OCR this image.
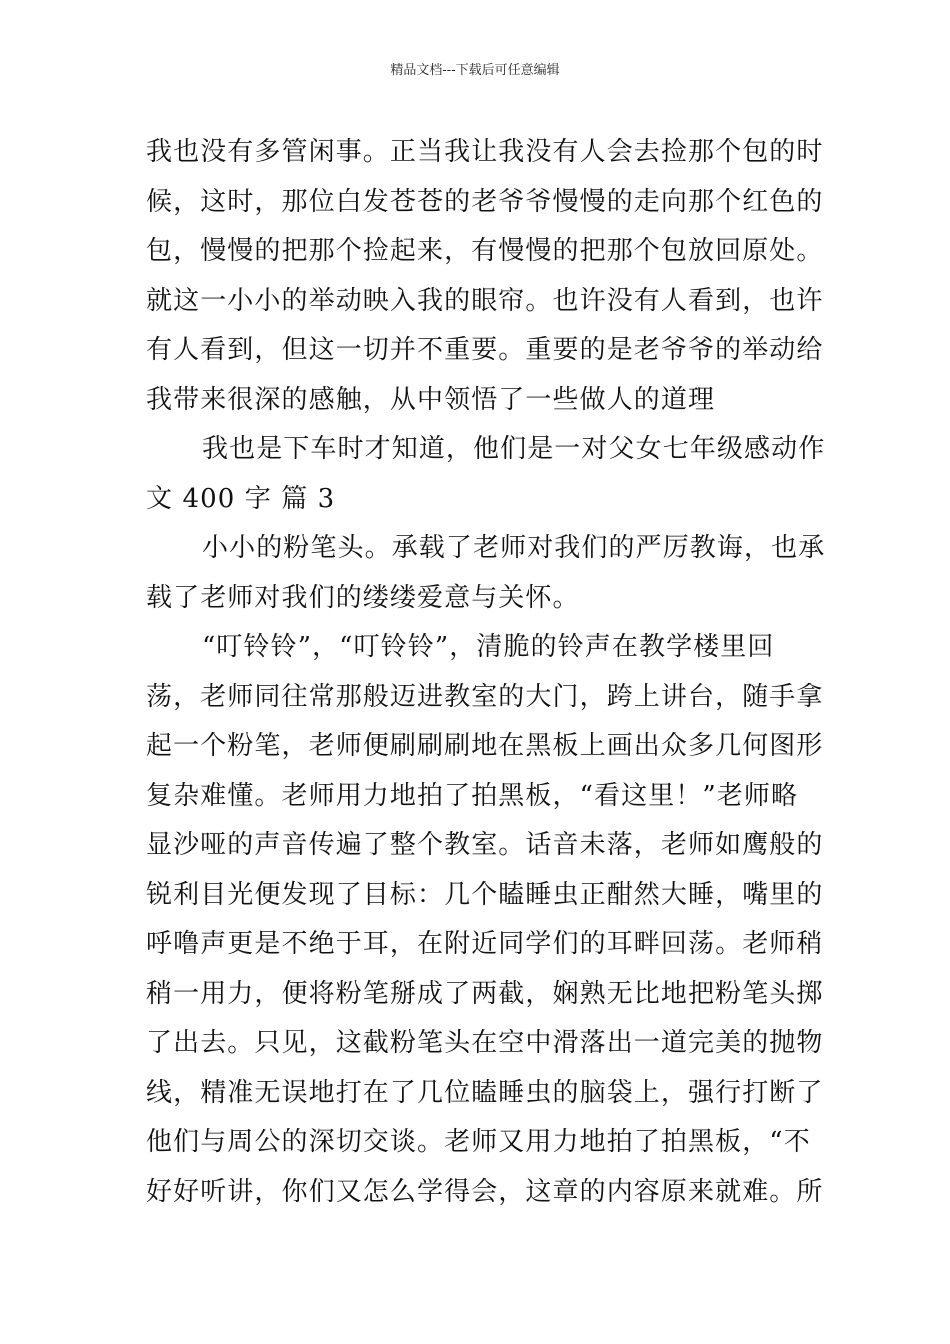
精品文档---下载后可任意编辑
我也没有多管闲事。正当我让我没有人会去捡那个包的时
候，这时，那位白发苍苍的老爷爷慢慢的走向那个红色的
包，慢慢的把那个捡起来，有慢慢的把那个包放回原处。
就这一小小的举动映入我的眼帘。也许没有人看到，也许
有人看到，但这一切并不重要。重要的是老爷爷的举动给
我带来很深的感触，从中领悟了一些做人的道理
我也是下车时才知道，他们是一对父女七年级感动作
文 400 字 篇 3
小小的粉笔头。承载了老师对我们的严厉教诲，也承
载了老师对我们的缕缕爱意与关怀。
“叮铃铃”，“叮铃铃”，清脆的铃声在教学楼里回
荡，老师同往常那般迈进教室的大门，跨上讲台，随手拿
起一个粉笔，老师便刷刷刷地在黑板上画出众多几何图形
复杂难懂。老师用力地拍了拍黑板，“看这里！”老师略
显沙哑的声音传遍了整个教室。话音未落，老师如鹰般的
锐利目光便发现了目标：几个瞌睡虫正酣然大睡，嘴里的
呼噜声更是不绝于耳，在附近同学们的耳畔回荡。老师稍
稍一用力，便将粉笔掰成了两截，娴熟无比地把粉笔头掷
了出去。只见，这截粉笔头在空中滑落出一道完美的抛物
线，精准无误地打在了几位瞌睡虫的脑袋上，强行打断了
他们与周公的深切交谈。老师又用力地拍了拍黑板，“不
好好听讲，你们又怎么学得会，这章的内容原来就难。所
